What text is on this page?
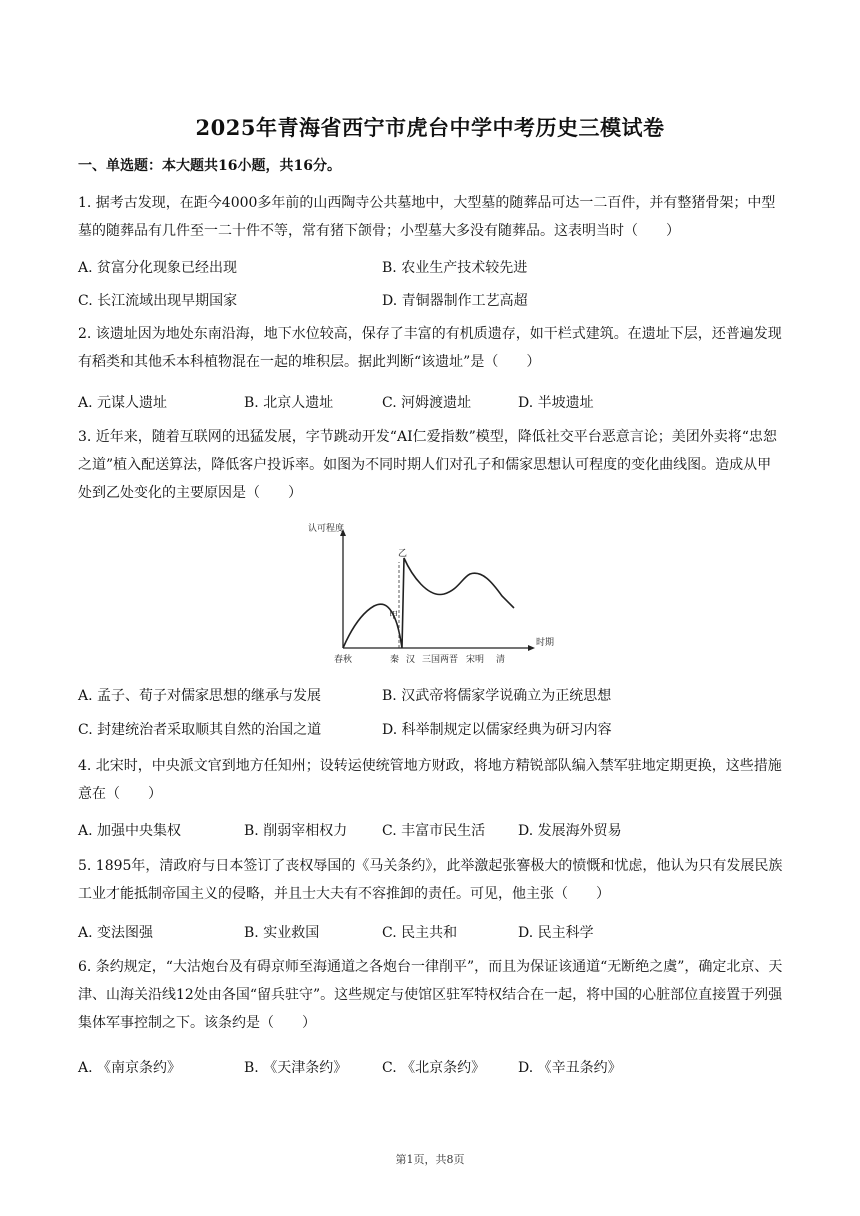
2025年青海省西宁市虎台中学中考历史三模试卷
一、单选题：本大题共16小题，共16分。

1. 据考古发现，在距今4000多年前的山西陶寺公共墓地中，大型墓的随葬品可达一二百件，并有整猪骨架；中型墓的随葬品有几件至一二十件不等，常有猪下颌骨；小型墓大多没有随葬品。这表明当时（　　）

A. 贫富分化现象已经出现	B. 农业生产技术较先进
C. 长江流域出现早期国家	D. 青铜器制作工艺高超

2. 该遗址因为地处东南沿海，地下水位较高，保存了丰富的有机质遗存，如干栏式建筑。在遗址下层，还普遍发现有稻类和其他禾本科植物混在一起的堆积层。据此判断“该遗址”是（　　）

A. 元谋人遗址	B. 北京人遗址	C. 河姆渡遗址	D. 半坡遗址

3. 近年来，随着互联网的迅猛发展，字节跳动开发“AI仁爱指数”模型，降低社交平台恶意言论；美团外卖将“忠恕之道”植入配送算法，降低客户投诉率。如图为不同时期人们对孔子和儒家思想认可程度的变化曲线图。造成从甲处到乙处变化的主要原因是（　　）

认可程度
时期
甲
乙
春秋	秦 汉 三国两晋 宋明 清
A. 孟子、荀子对儒家思想的继承与发展	B. 汉武帝将儒家学说确立为正统思想
C. 封建统治者采取顺其自然的治国之道	D. 科举制规定以儒家经典为研习内容

4. 北宋时，中央派文官到地方任知州；设转运使统管地方财政，将地方精锐部队编入禁军驻地定期更换，这些措施意在（　　）

A. 加强中央集权	B. 削弱宰相权力 C. 丰富市民生活 D. 发展海外贸易

5. 1895年，清政府与日本签订了丧权辱国的《马关条约》，此举激起张謇极大的愤慨和忧虑，他认为只有发展民族工业才能抵制帝国主义的侵略，并且士大夫有不容推卸的责任。可见，他主张（　　）

A. 变法图强	B. 实业救国	C. 民主共和	D. 民主科学

6. 条约规定，“大沽炮台及有碍京师至海通道之各炮台一律削平”，而且为保证该通道“无断绝之虞”，确定北京、天津、山海关沿线12处由各国“留兵驻守”。这些规定与使馆区驻军特权结合在一起，将中国的心脏部位直接置于列强集体军事控制之下。该条约是（　　）

A. 《南京条约》	B. 《天津条约》 C. 《北京条约》 D. 《辛丑条约》
第1页，共8页
